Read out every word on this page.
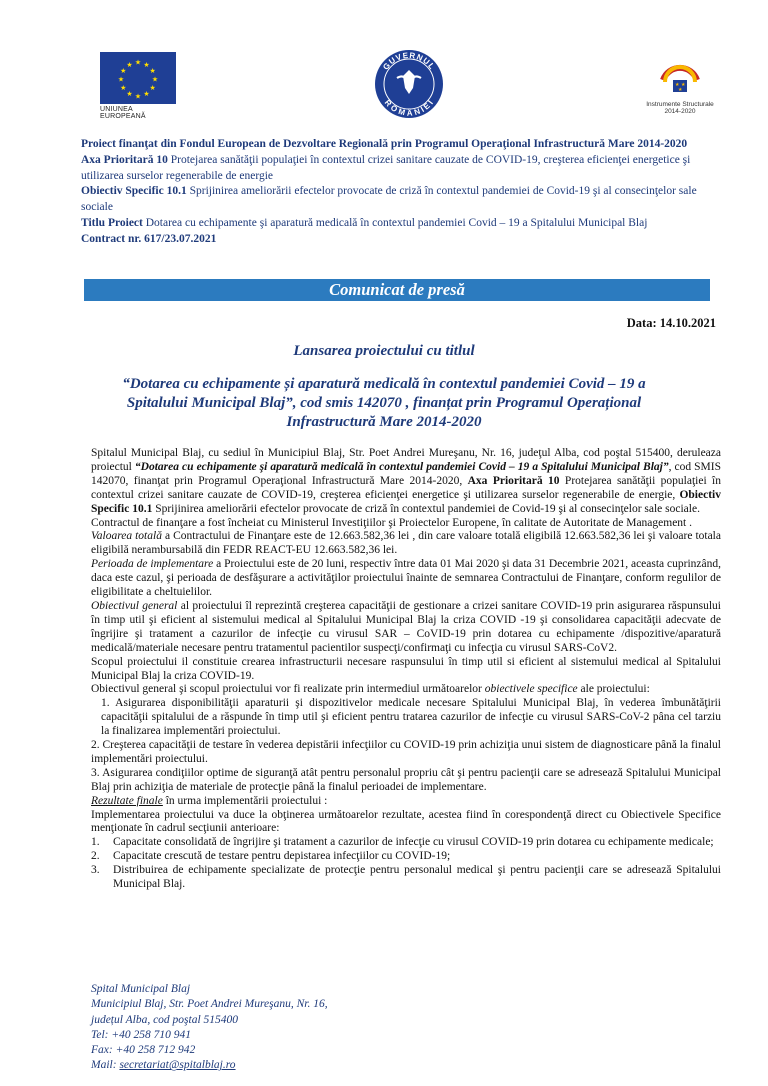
★ ★
★
★
★
★
★
★
★
★
★
★
UNIUNEA EUROPEANĂ
GUVERNUL
ROMÂNIEI
★ ★
★
Instrumente Structurale
2014-2020
Proiect finanţat din Fondul European de Dezvoltare Regională prin Programul Operaţional Infrastructură Mare 2014-2020
Axa Prioritară 10 Protejarea sanătăţii populaţiei în contextul crizei sanitare cauzate de COVID-19, creşterea eficienţei energetice şi utilizarea surselor regenerabile de energie
Obiectiv Specific 10.1 Sprijinirea ameliorării efectelor provocate de criză în contextul pandemiei de Covid-19 şi al consecinţelor sale sociale
Titlu Proiect Dotarea cu echipamente şi aparatură medicală în contextul pandemiei Covid – 19 a Spitalului Municipal Blaj
Contract nr. 617/23.07.2021
Comunicat de presă
Data: 14.10.2021
Lansarea proiectului cu titlul
“Dotarea cu echipamente și aparatură medicală în contextul pandemiei Covid – 19 a Spitalului Municipal Blaj”, cod smis 142070 , finanțat prin Programul Operațional Infrastructură Mare 2014-2020

Spitalul Municipal Blaj, cu sediul în Municipiul Blaj, Str. Poet Andrei Mureşanu, Nr. 16, judeţul Alba, cod poştal 515400, deruleaza proiectul “Dotarea cu echipamente şi aparatură medicală în contextul pandemiei Covid – 19 a Spitalului Municipal Blaj”, cod SMIS 142070, finanţat prin Programul Operaţional Infrastructură Mare 2014-2020, Axa Prioritară 10 Protejarea sanătăţii populaţiei în contextul crizei sanitare cauzate de COVID-19, creşterea eficienţei energetice şi utilizarea surselor regenerabile de energie, Obiectiv Specific 10.1 Sprijinirea ameliorării efectelor provocate de criză în contextul pandemiei de Covid-19 şi al consecinţelor sale sociale.

Contractul de finanţare a fost încheiat cu Ministerul Investiţiilor şi Proiectelor Europene, în calitate de Autoritate de Management .

Valoarea totală a Contractului de Finanţare este de 12.663.582,36 lei , din care valoare totală eligibilă 12.663.582,36 lei şi valoare totala eligibilă nerambursabilă din FEDR REACT-EU 12.663.582,36 lei.

Perioada de implementare a Proiectului este de 20 luni, respectiv între data 01 Mai 2020 şi data 31 Decembrie 2021, aceasta cuprinzând, daca este cazul, şi perioada de desfăşurare a activităţilor proiectului înainte de semnarea Contractului de Finanţare, conform regulilor de eligibilitate a cheltuielilor.

Obiectivul general al proiectului îl reprezintă creşterea capacităţii de gestionare a crizei sanitare COVID-19 prin asigurarea răspunsului în timp util şi eficient al sistemului medical al Spitalului Municipal Blaj la criza COVID -19 şi consolidarea capacităţii adecvate de îngrijire şi tratament a cazurilor de infecţie cu virusul SAR – CoVID-19 prin dotarea cu echipamente /dispozitive/aparatură medicală/materiale necesare pentru tratamentul pacientilor suspecţi/confirmaţi cu infecţia cu virusul SARS-CoV2.

Scopul proiectului il constituie crearea infrastructurii necesare raspunsului în timp util si eficient al sistemului medical al Spitalului Municipal Blaj la criza COVID-19.

Obiectivul general şi scopul proiectului vor fi realizate prin intermediul următoarelor obiectivele specifice ale proiectului:

1. Asigurarea disponibilităţii aparaturii şi dispozitivelor medicale necesare Spitalului Municipal Blaj, în vederea îmbunătăţirii capacităţii spitalului de a răspunde în timp util şi eficient pentru tratarea cazurilor de infecţie cu virusul SARS-CoV-2 pâna cel tarziu la finalizarea implementări proiectului.

2. Creşterea capacităţii de testare în vederea depistării infecţiilor cu COVID-19 prin achiziţia unui sistem de diagnosticare până la finalul implementări proiectului.

3. Asigurarea condiţiilor optime de siguranţă atât pentru personalul propriu cât şi pentru pacienţii care se adresează Spitalului Municipal Blaj prin achiziţia de materiale de protecţie până la finalul perioadei de implementare.

Rezultate finale în urma implementării proiectului :

Implementarea proiectului va duce la obţinerea următoarelor rezultate, acestea fiind în corespondenţă direct cu Obiectivele Specifice menţionate în cadrul secţiunii anterioare:

1. Capacitate consolidată de îngrijire şi tratament a cazurilor de infecţie cu virusul COVID-19 prin dotarea cu echipamente medicale;
2. Capacitate crescută de testare pentru depistarea infecţiilor cu COVID-19;
3. Distribuirea de echipamente specializate de protecţie pentru personalul medical şi pentru pacienţii care se adresează Spitalului Municipal Blaj.
Spital Municipal Blaj
Municipiul Blaj, Str. Poet Andrei Mureşanu, Nr. 16,
județul Alba, cod poştal 515400
Tel: +40 258 710 941
Fax: +40 258 712 942
Mail: secretariat@spitalblaj.ro
